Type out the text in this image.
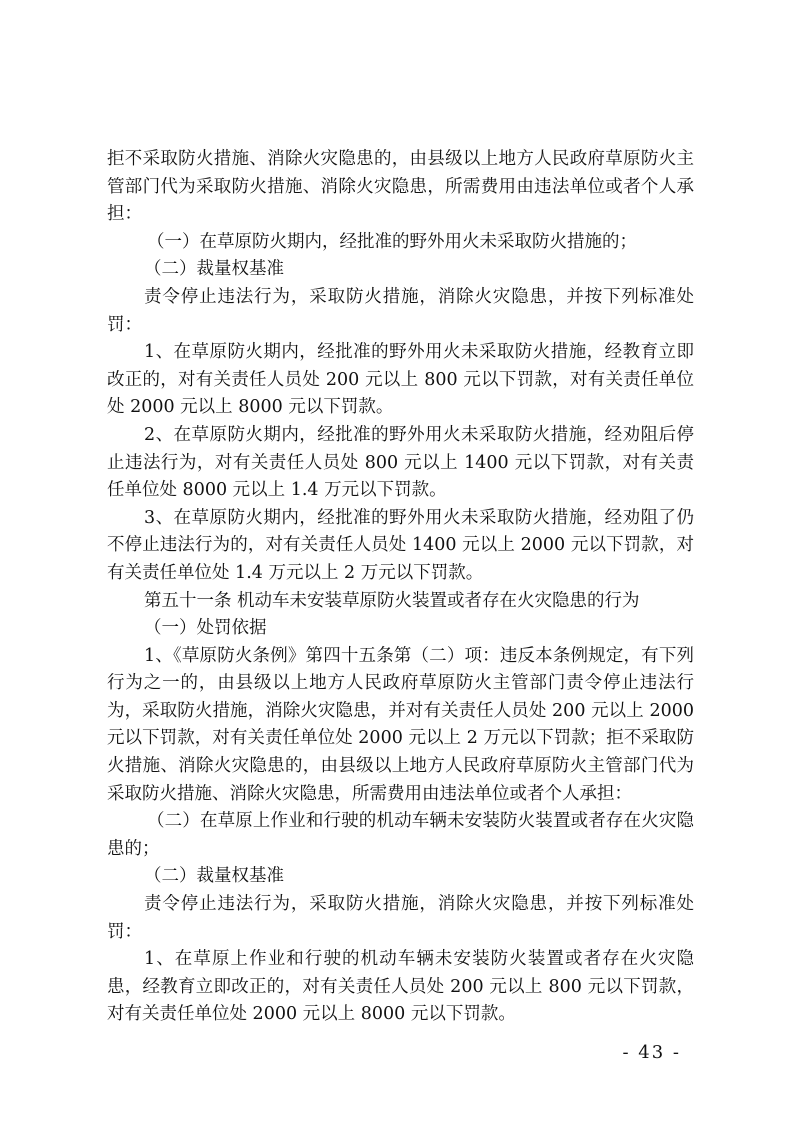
拒不采取防火措施、消除火灾隐患的，由县级以上地方人民政府草原防火主管部门代为采取防火措施、消除火灾隐患，所需费用由违法单位或者个人承担：

（一）在草原防火期内，经批准的野外用火未采取防火措施的；

（二）裁量权基准

责令停止违法行为，采取防火措施，消除火灾隐患，并按下列标准处罚：

1、在草原防火期内，经批准的野外用火未采取防火措施，经教育立即改正的，对有关责任人员处 200 元以上 800 元以下罚款，对有关责任单位处 2000 元以上 8000 元以下罚款。

2、在草原防火期内，经批准的野外用火未采取防火措施，经劝阻后停止违法行为，对有关责任人员处 800 元以上 1400 元以下罚款，对有关责任单位处 8000 元以上 1.4 万元以下罚款。

3、在草原防火期内，经批准的野外用火未采取防火措施，经劝阻了仍不停止违法行为的，对有关责任人员处 1400 元以上 2000 元以下罚款，对有关责任单位处 1.4 万元以上 2 万元以下罚款。

第五十一条 机动车未安装草原防火装置或者存在火灾隐患的行为

（一）处罚依据

1、《草原防火条例》第四十五条第（二）项：违反本条例规定，有下列行为之一的，由县级以上地方人民政府草原防火主管部门责令停止违法行为，采取防火措施，消除火灾隐患，并对有关责任人员处 200 元以上 2000 元以下罚款，对有关责任单位处 2000 元以上 2 万元以下罚款；拒不采取防火措施、消除火灾隐患的，由县级以上地方人民政府草原防火主管部门代为采取防火措施、消除火灾隐患，所需费用由违法单位或者个人承担：

（二）在草原上作业和行驶的机动车辆未安装防火装置或者存在火灾隐患的；

（二）裁量权基准

责令停止违法行为，采取防火措施，消除火灾隐患，并按下列标准处罚：

1、在草原上作业和行驶的机动车辆未安装防火装置或者存在火灾隐患，经教育立即改正的，对有关责任人员处 200 元以上 800 元以下罚款，对有关责任单位处 2000 元以上 8000 元以下罚款。

- 43 -
